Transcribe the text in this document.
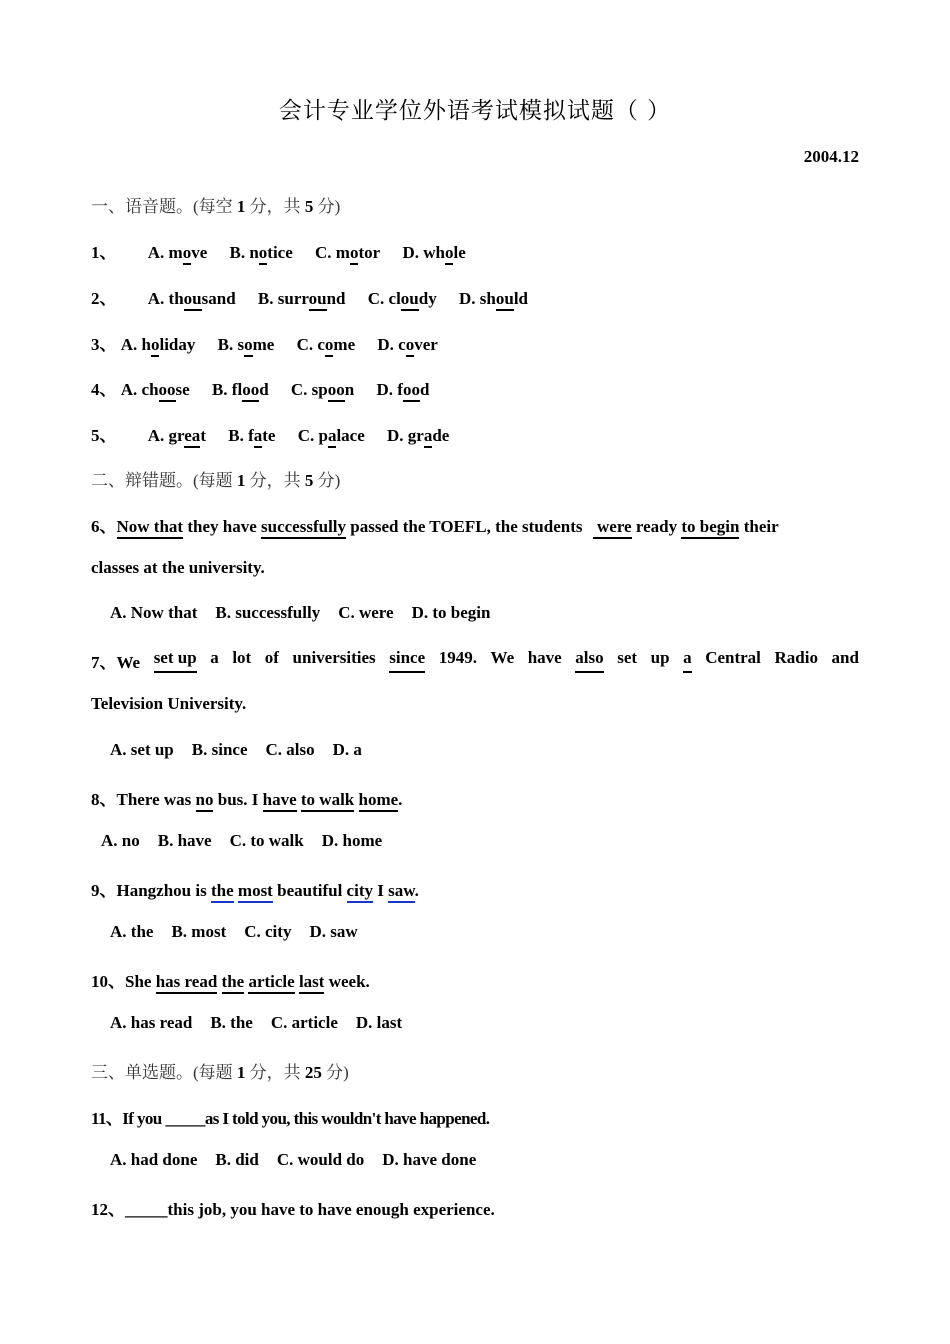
会计专业学位外语考试模拟试题（ ）
2004.12
一、语音题。(每空 1 分，共 5 分)
1、 A. move B. notice C. motor D. whole
2、 A. thousand B. surround C. cloudy D. should
3、 A. holiday B. some C. come D. cover
4、 A. choose B. flood C. spoon D. food
5、 A. great B. fate C. palace D. grade
二、辩错题。(每题 1 分，共 5 分)
6、Now that they have successfully passed the TOEFL, the students  were ready to begin their
classes at the university.
A. Now that B. successfully C. were D. to begin
7、We set up a lot of universities since 1949. We have also set up a Central Radio and
Television University.
A. set up B. since C. also D. a
8、There was no bus. I have to walk home.
A. no B. have C. to walk D. home
9、Hangzhou is the most beautiful city I saw.
A. the B. most C. city D. saw
10、She has read the article last week.
A. has read B. the C. article D. last
三、单选题。(每题 1 分，共 25 分)
11、If you _____as I told you, this wouldn't have happened.
A. had done B. did C. would do D. have done
12、_____this job, you have to have enough experience.
